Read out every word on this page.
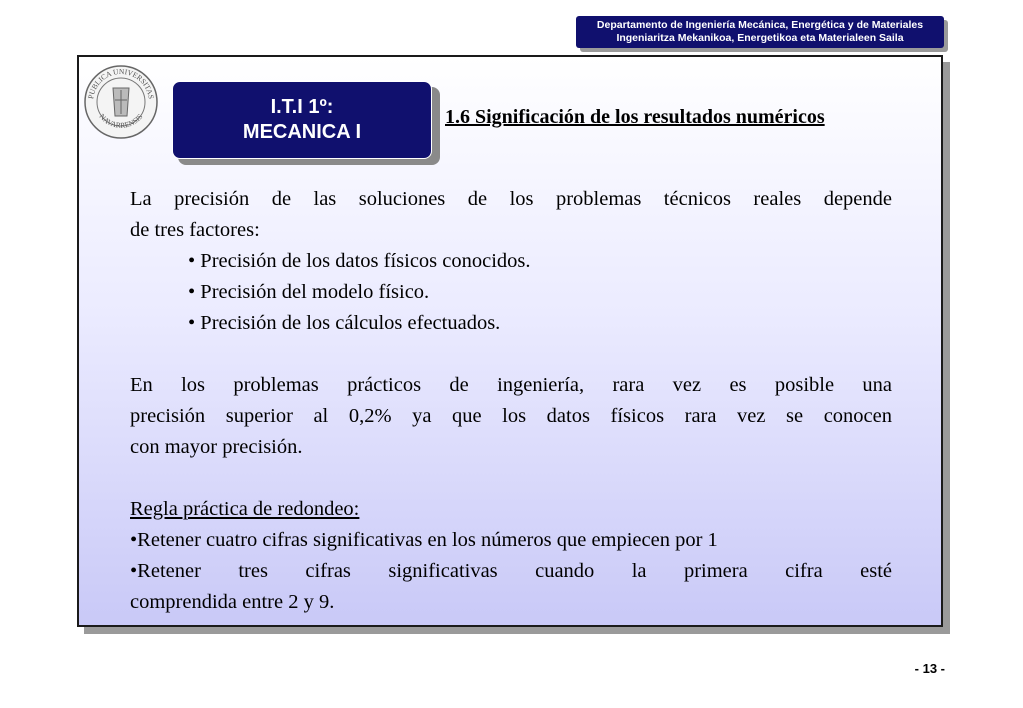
Departamento de Ingeniería Mecánica, Energética y de Materiales
Ingeniaritza Mekanikoa, Energetikoa eta Materialeen Saila
PUBLICA UNIVERSITAS
NAVARRENSIS	I.T.I 1º:
MECANICA I
1.6 Significación de los resultados numéricos

La precisión de las soluciones de los problemas técnicos reales depende

de tres factores:

• Precisión de los datos físicos conocidos.

• Precisión del modelo físico.

• Precisión de los cálculos efectuados.

En los problemas prácticos de ingeniería, rara vez es posible una

precisión superior al 0,2% ya que los datos físicos rara vez se conocen

con mayor precisión.

Regla práctica de redondeo:

•Retener cuatro cifras significativas en los números que empiecen por 1

•Retener tres cifras significativas cuando la primera cifra esté

comprendida entre 2 y 9.

- 13 -
